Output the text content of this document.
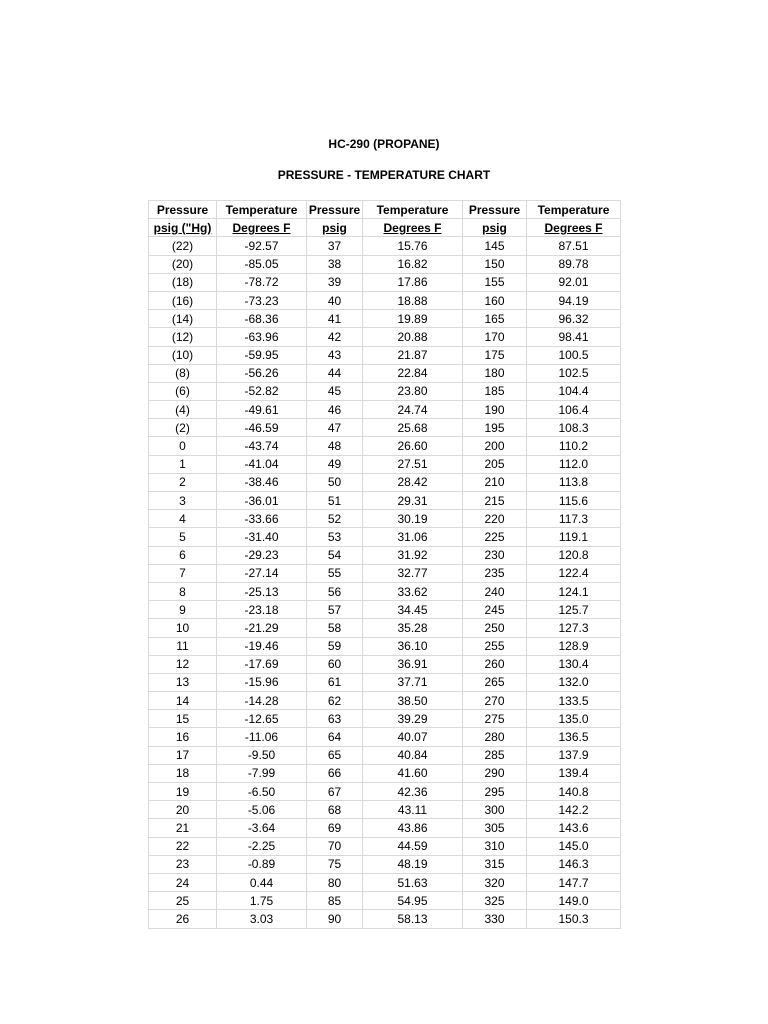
HC-290 (PROPANE)
PRESSURE - TEMPERATURE CHART
Pressure	Temperature	Pressure	Temperature	Pressure	Temperature
psig ("Hg)	Degrees F	psig	Degrees F	psig	Degrees F
(22)	-92.57	37	15.76	145	87.51
(20)	-85.05	38	16.82	150	89.78
(18)	-78.72	39	17.86	155	92.01
(16)	-73.23	40	18.88	160	94.19
(14)	-68.36	41	19.89	165	96.32
(12)	-63.96	42	20.88	170	98.41
(10)	-59.95	43	21.87	175	100.5
(8)	-56.26	44	22.84	180	102.5
(6)	-52.82	45	23.80	185	104.4
(4)	-49.61	46	24.74	190	106.4
(2)	-46.59	47	25.68	195	108.3
0	-43.74	48	26.60	200	110.2
1	-41.04	49	27.51	205	112.0
2	-38.46	50	28.42	210	113.8
3	-36.01	51	29.31	215	115.6
4	-33.66	52	30.19	220	117.3
5	-31.40	53	31.06	225	119.1
6	-29.23	54	31.92	230	120.8
7	-27.14	55	32.77	235	122.4
8	-25.13	56	33.62	240	124.1
9	-23.18	57	34.45	245	125.7
10	-21.29	58	35.28	250	127.3
11	-19.46	59	36.10	255	128.9
12	-17.69	60	36.91	260	130.4
13	-15.96	61	37.71	265	132.0
14	-14.28	62	38.50	270	133.5
15	-12.65	63	39.29	275	135.0
16	-11.06	64	40.07	280	136.5
17	-9.50	65	40.84	285	137.9
18	-7.99	66	41.60	290	139.4
19	-6.50	67	42.36	295	140.8
20	-5.06	68	43.11	300	142.2
21	-3.64	69	43.86	305	143.6
22	-2.25	70	44.59	310	145.0
23	-0.89	75	48.19	315	146.3
24	0.44	80	51.63	320	147.7
25	1.75	85	54.95	325	149.0
26	3.03	90	58.13	330	150.3
